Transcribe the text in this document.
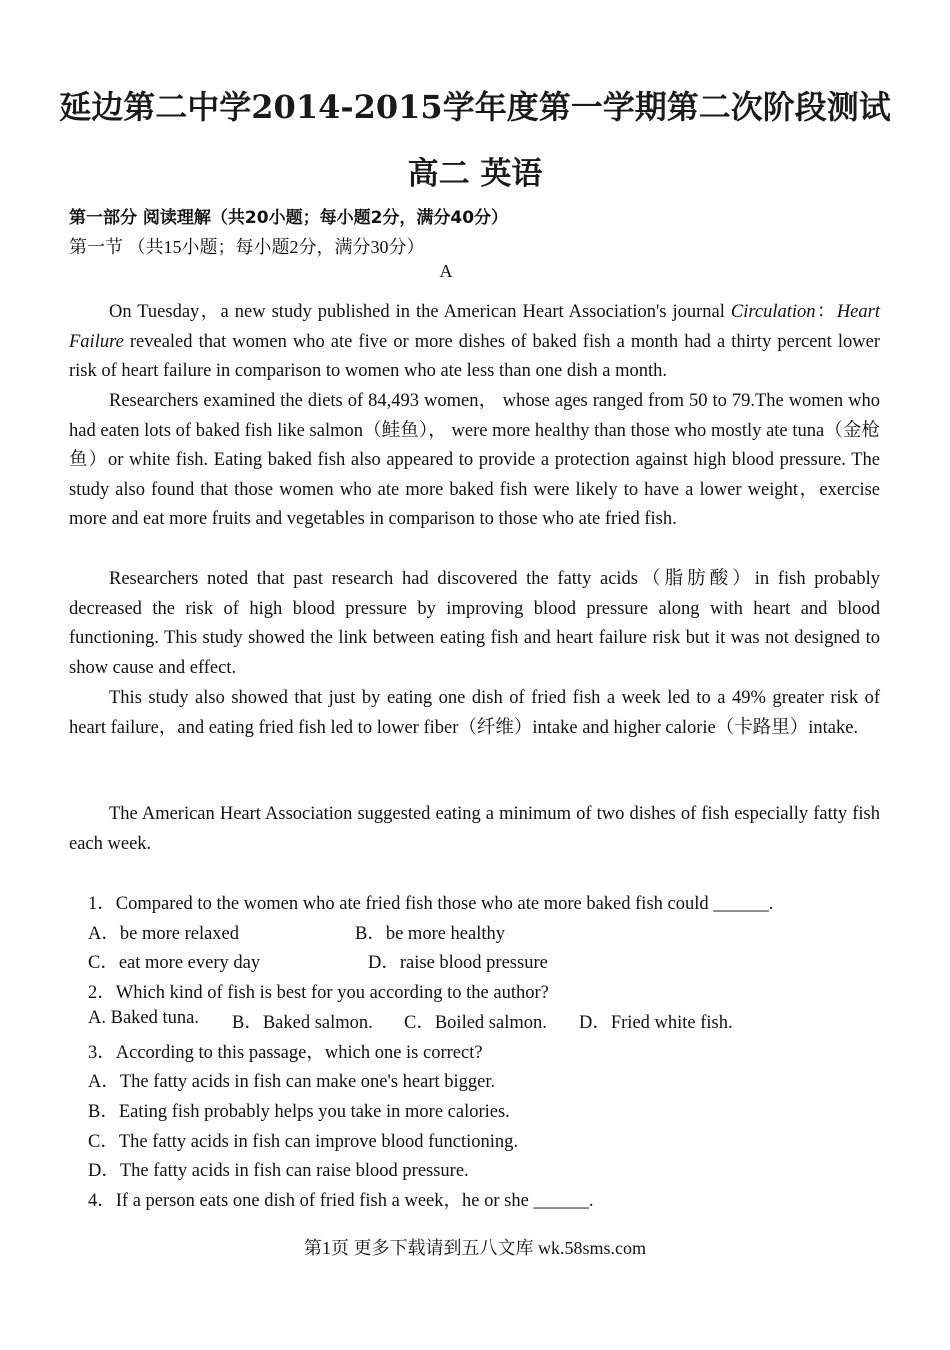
延边第二中学2014-2015学年度第一学期第二次阶段测试
高二 英语
第一部分 阅读理解（共20小题；每小题2分，满分40分）
第一节 （共15小题；每小题2分，满分30分）
A

On Tuesday，a new study published in the American Heart Association's journal Circulation：Heart Failure revealed that women who ate five or more dishes of baked fish a month had a thirty percent lower risk of heart failure in comparison to women who ate less than one dish a month.

Researchers examined the diets of 84,493 women， whose ages ranged from 50 to 79.The women who had eaten lots of baked fish like salmon（鲑鱼）， were more healthy than those who mostly ate tuna（金枪鱼）or white fish. Eating baked fish also appeared to provide a protection against high blood pressure. The study also found that those women who ate more baked fish were likely to have a lower weight，exercise more and eat more fruits and vegetables in comparison to those who ate fried fish.

Researchers noted that past research had discovered the fatty acids（脂肪酸）in fish probably decreased the risk of high blood pressure by improving blood pressure along with heart and blood functioning. This study showed the link between eating fish and heart failure risk but it was not designed to show cause and effect.

This study also showed that just by eating one dish of fried fish a week led to a 49% greater risk of heart failure，and eating fried fish led to lower fiber（纤维）intake and higher calorie（卡路里）intake.

The American Heart Association suggested eating a minimum of two dishes of fish especially fatty fish each week.

1．Compared to the women who ate fried fish those who ate more baked fish could ______.
A．be more relaxed	B．be more healthy
C．eat more every day	D．raise blood pressure
2．Which kind of fish is best for you according to the author?
A. Baked tuna. B．Baked salmon. C．Boiled salmon. D．Fried white fish.
3．According to this passage，which one is correct?
A．The fatty acids in fish can make one's heart bigger.
B．Eating fish probably helps you take in more calories.
C．The fatty acids in fish can improve blood functioning.
D．The fatty acids in fish can raise blood pressure.
4．If a person eats one dish of fried fish a week，he or she ______.
第1页 更多下载请到五八文库 wk.58sms.com
